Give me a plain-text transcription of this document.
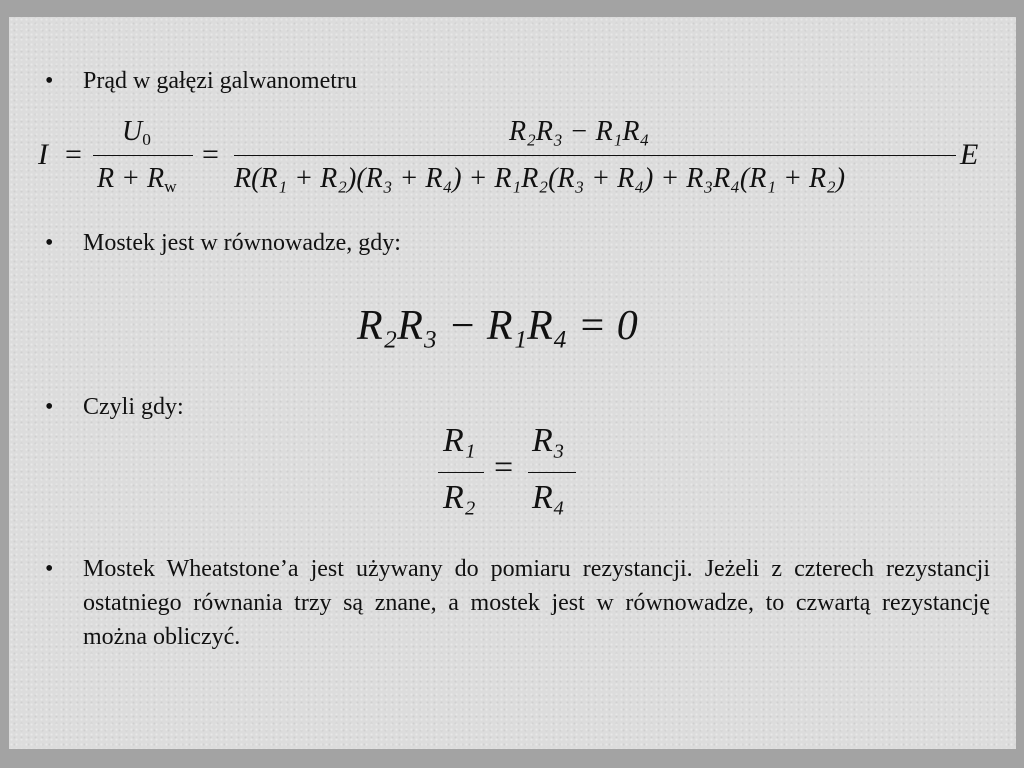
•	Prąd w gałęzi galwanometru
I =
U0
R + Rw
=
R₂R₃ − R₁R₄
R(R₁ + R₂)(R₃ + R₄) + R₁R₂(R₃ + R₄) + R₃R₄(R₁ + R₂)
E
•	Mostek jest w równowadze, gdy:
R₂R₃ − R₁R₄ = 0
•	Czyli gdy:
R₁
R₂
=
R₃
R₄
•	Mostek Wheatstone’a jest używany do pomiaru rezystancji. Jeżeli z czterech rezystancji ostatniego równania trzy są znane, a mostek jest w równowadze, to czwartą rezystancję można obliczyć.
